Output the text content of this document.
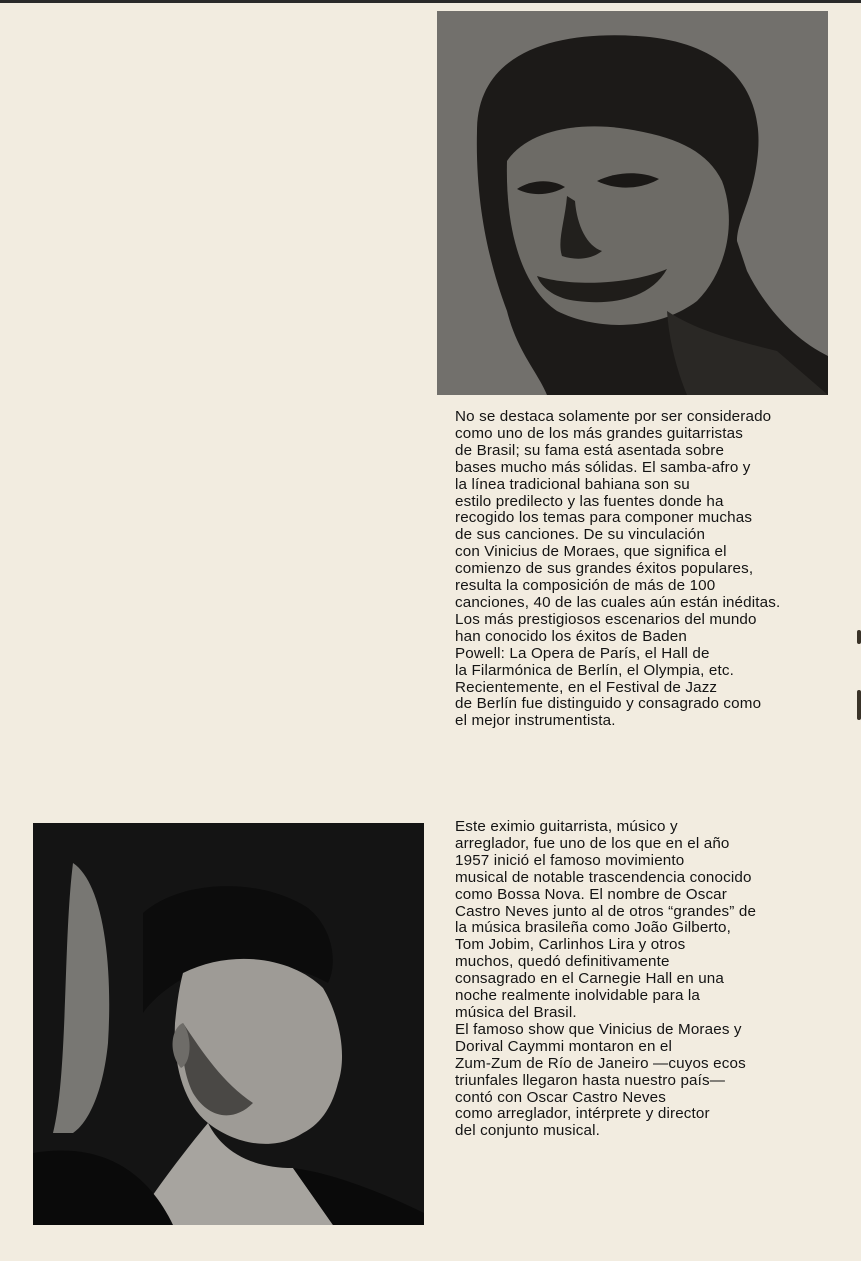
No se destaca solamente por ser considerado
como uno de los más grandes guitarristas
de Brasil; su fama está asentada sobre
bases mucho más sólidas. El samba-afro y
la línea tradicional bahiana son su
estilo predilecto y las fuentes donde ha
recogido los temas para componer muchas
de sus canciones. De su vinculación
con Vinicius de Moraes, que significa el
comienzo de sus grandes éxitos populares,
resulta la composición de más de 100
canciones, 40 de las cuales aún están inéditas.
Los más prestigiosos escenarios del mundo
han conocido los éxitos de Baden
Powell: La Opera de París, el Hall de
la Filarmónica de Berlín, el Olympia, etc.
Recientemente, en el Festival de Jazz
de Berlín fue distinguido y consagrado como
el mejor instrumentista.
Este eximio guitarrista, músico y
arreglador, fue uno de los que en el año
1957 inició el famoso movimiento
musical de notable trascendencia conocido
como Bossa Nova. El nombre de Oscar
Castro Neves junto al de otros “grandes” de
la música brasileña como João Gilberto,
Tom Jobim, Carlinhos Lira y otros
muchos, quedó definitivamente
consagrado en el Carnegie Hall en una
noche realmente inolvidable para la
música del Brasil.
El famoso show que Vinicius de Moraes y
Dorival Caymmi montaron en el
Zum-Zum de Río de Janeiro —cuyos ecos
triunfales llegaron hasta nuestro país—
contó con Oscar Castro Neves
como arreglador, intérprete y director
del conjunto musical.
